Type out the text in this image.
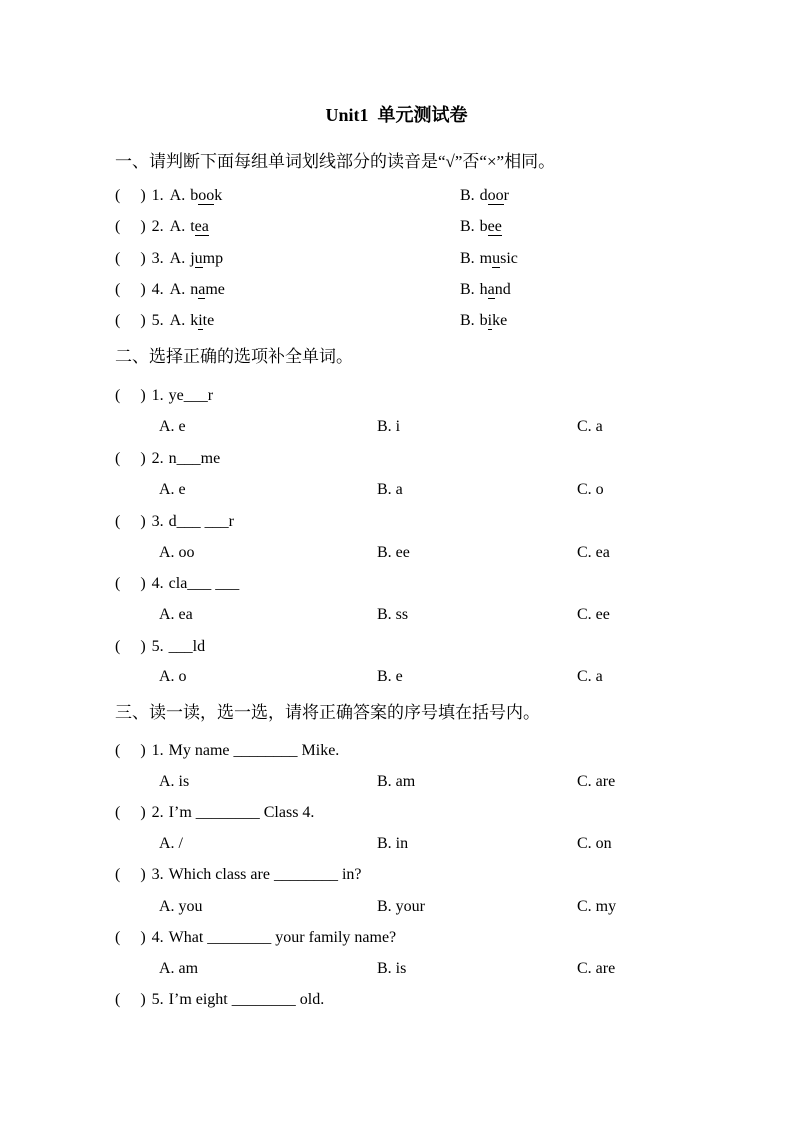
Unit1  单元测试卷
一、请判断下面每组单词划线部分的读音是“√”否“×”相同。
(     ) 1. A. book	B. door
(     ) 2. A. tea	B. bee
(     ) 3. A. jump	B. music
(     ) 4. A. name	B. hand
(     ) 5. A. kite	B. bike
二、选择正确的选项补全单词。
(     ) 1. ye___r
A. e	B. i	C. a
(     ) 2. n___me
A. e	B. a	C. o
(     ) 3. d___ ___r
A. oo	B. ee	C. ea
(     ) 4. cla___ ___
A. ea	B. ss	C. ee
(     ) 5. ___ld
A. o	B. e	C. a
三、读一读，选一选，请将正确答案的序号填在括号内。
(     ) 1. My name ________ Mike.
A. is	B. am	C. are
(     ) 2. I’m ________ Class 4.
A. /	B. in	C. on
(     ) 3. Which class are ________ in?
A. you	B. your	C. my
(     ) 4. What ________ your family name?
A. am	B. is	C. are
(     ) 5. I’m eight ________ old.
